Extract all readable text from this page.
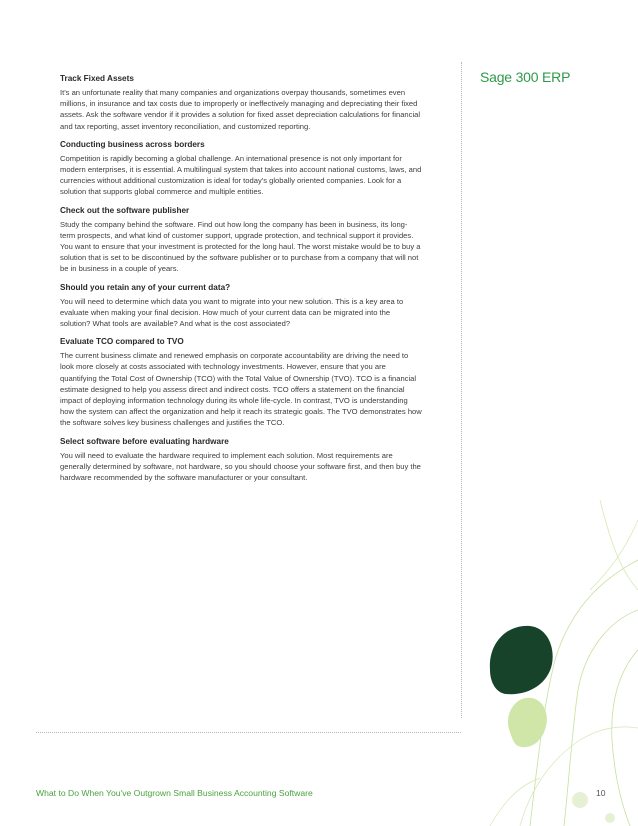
Sage 300 ERP
Track Fixed Assets

It's an unfortunate reality that many companies and organizations overpay thousands, sometimes even millions, in insurance and tax costs due to improperly or ineffectively managing and depreciating their fixed assets. Ask the software vendor if it provides a solution for fixed asset depreciation calculations for financial and tax reporting, asset inventory reconciliation, and customized reporting.

Conducting business across borders

Competition is rapidly becoming a global challenge. An international presence is not only important for modern enterprises, it is essential. A multilingual system that takes into account national customs, laws, and currencies without additional customization is ideal for today's globally oriented companies. Look for a solution that supports global commerce and multiple entities.

Check out the software publisher

Study the company behind the software. Find out how long the company has been in business, its long-term prospects, and what kind of customer support, upgrade protection, and technical support it provides. You want to ensure that your investment is protected for the long haul. The worst mistake would be to buy a solution that is set to be discontinued by the software publisher or to purchase from a company that will not be in business in a couple of years.

Should you retain any of your current data?

You will need to determine which data you want to migrate into your new solution. This is a key area to evaluate when making your final decision. How much of your current data can be migrated into the solution? What tools are available? And what is the cost associated?

Evaluate TCO compared to TVO

The current business climate and renewed emphasis on corporate accountability are driving the need to look more closely at costs associated with technology investments. However, ensure that you are quantifying the Total Cost of Ownership (TCO) with the Total Value of Ownership (TVO). TCO is a financial estimate designed to help you assess direct and indirect costs. TCO offers a statement on the financial impact of deploying information technology during its whole life-cycle. In contrast, TVO is understanding how the system can affect the organization and help it reach its strategic goals. The TVO demonstrates how the software solves key business challenges and justifies the TCO.

Select software before evaluating hardware

You will need to evaluate the hardware required to implement each solution. Most requirements are generally determined by software, not hardware, so you should choose your software first, and then buy the hardware recommended by the software manufacturer or your consultant.

What to Do When You've Outgrown Small Business Accounting Software	10
